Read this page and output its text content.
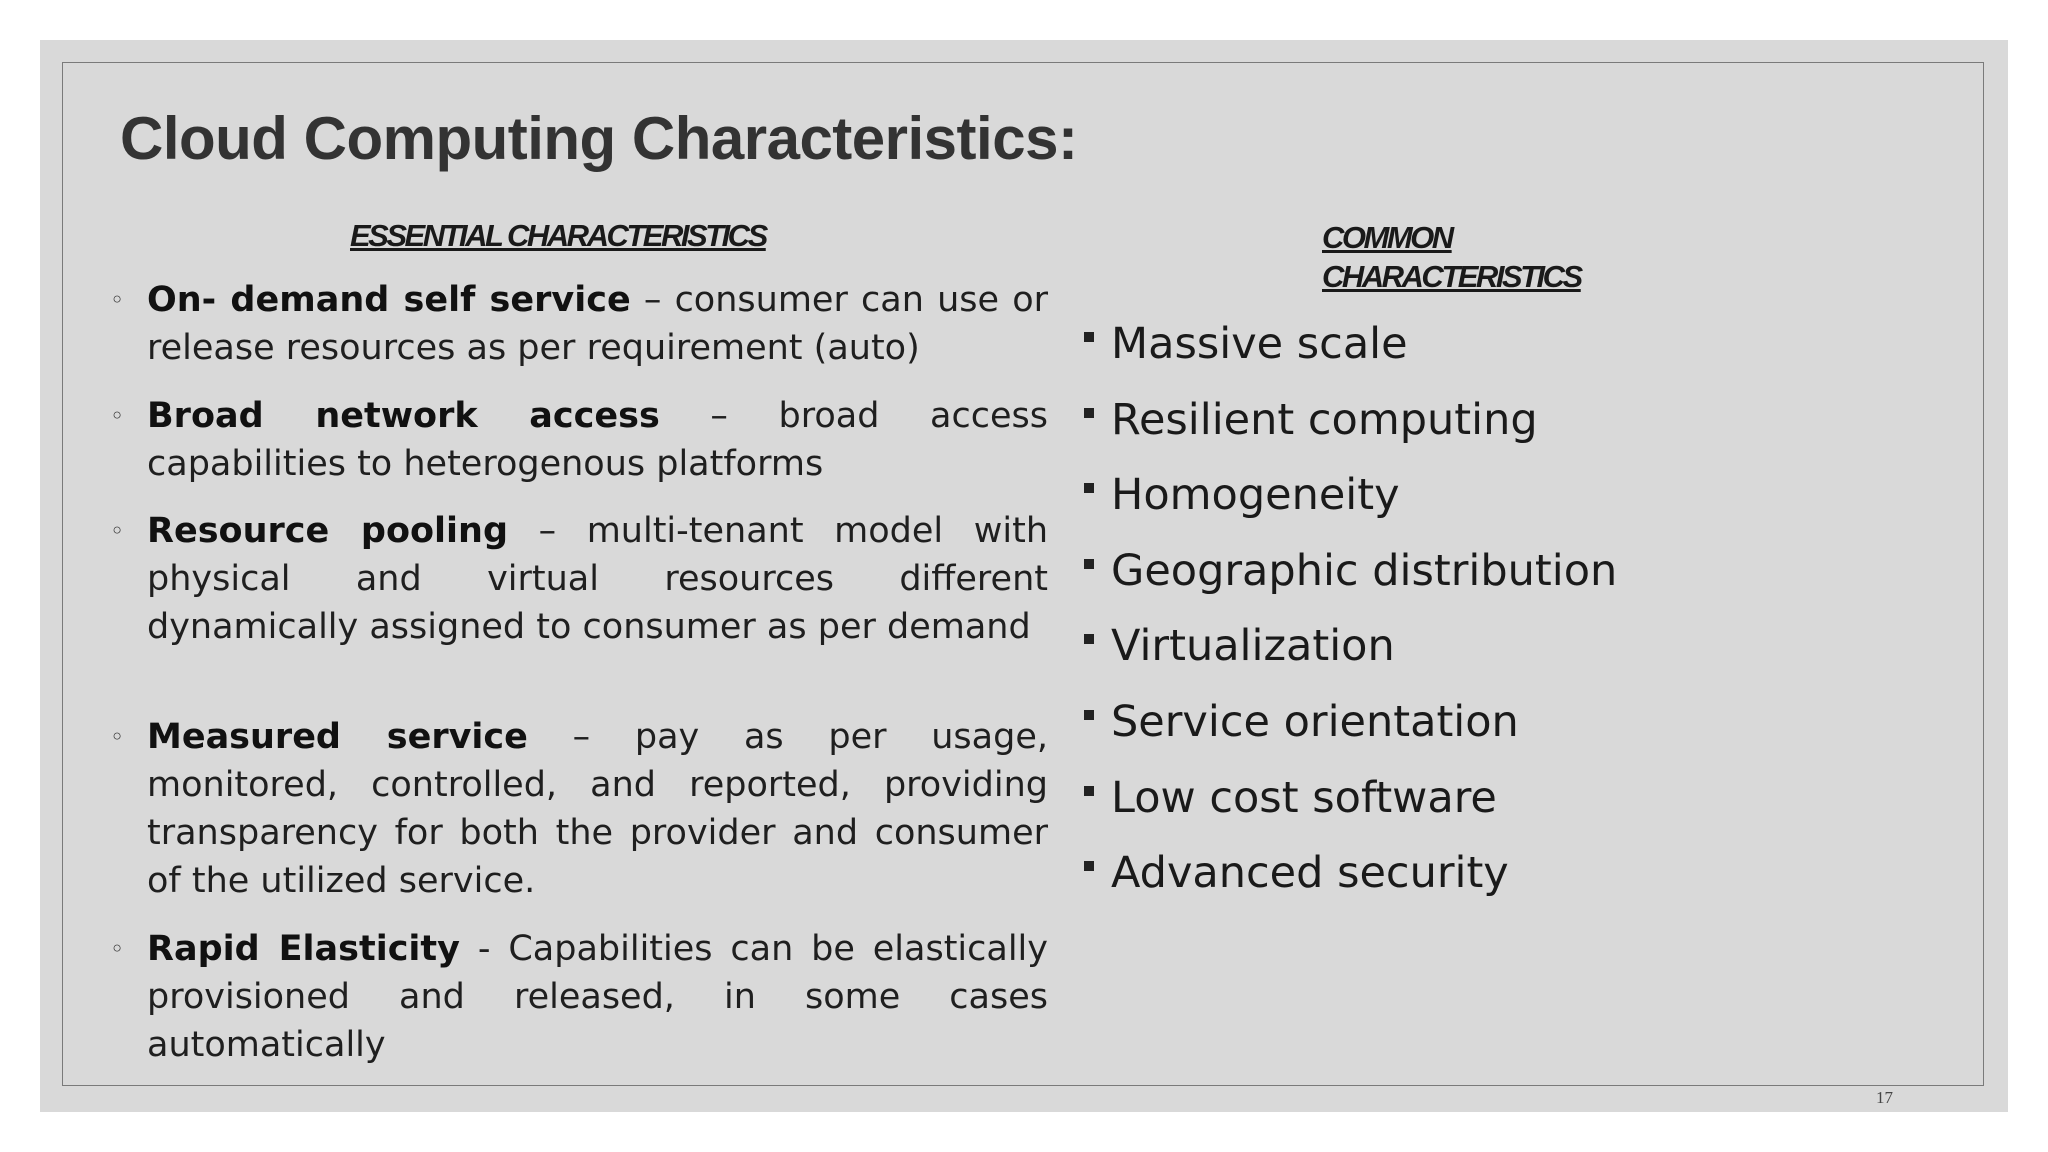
Cloud Computing Characteristics:
ESSENTIAL CHARACTERISTICS	COMMON CHARACTERISTICS
◦ On- demand self service – consumer can use or release resources as per requirement (auto)
◦ Broad network access – broad access capabilities to heterogenous platforms
◦ Resource pooling – multi-tenant model with physical and virtual resources different dynamically assigned to consumer as per demand
◦ Measured service – pay as per usage, monitored, controlled, and reported, providing transparency for both the provider and consumer of the utilized service.
◦ Rapid Elasticity - Capabilities can be elastically provisioned and released, in some cases automatically
Massive scale
Resilient computing
Homogeneity
Geographic distribution
Virtualization
Service orientation
Low cost software
Advanced security
17
